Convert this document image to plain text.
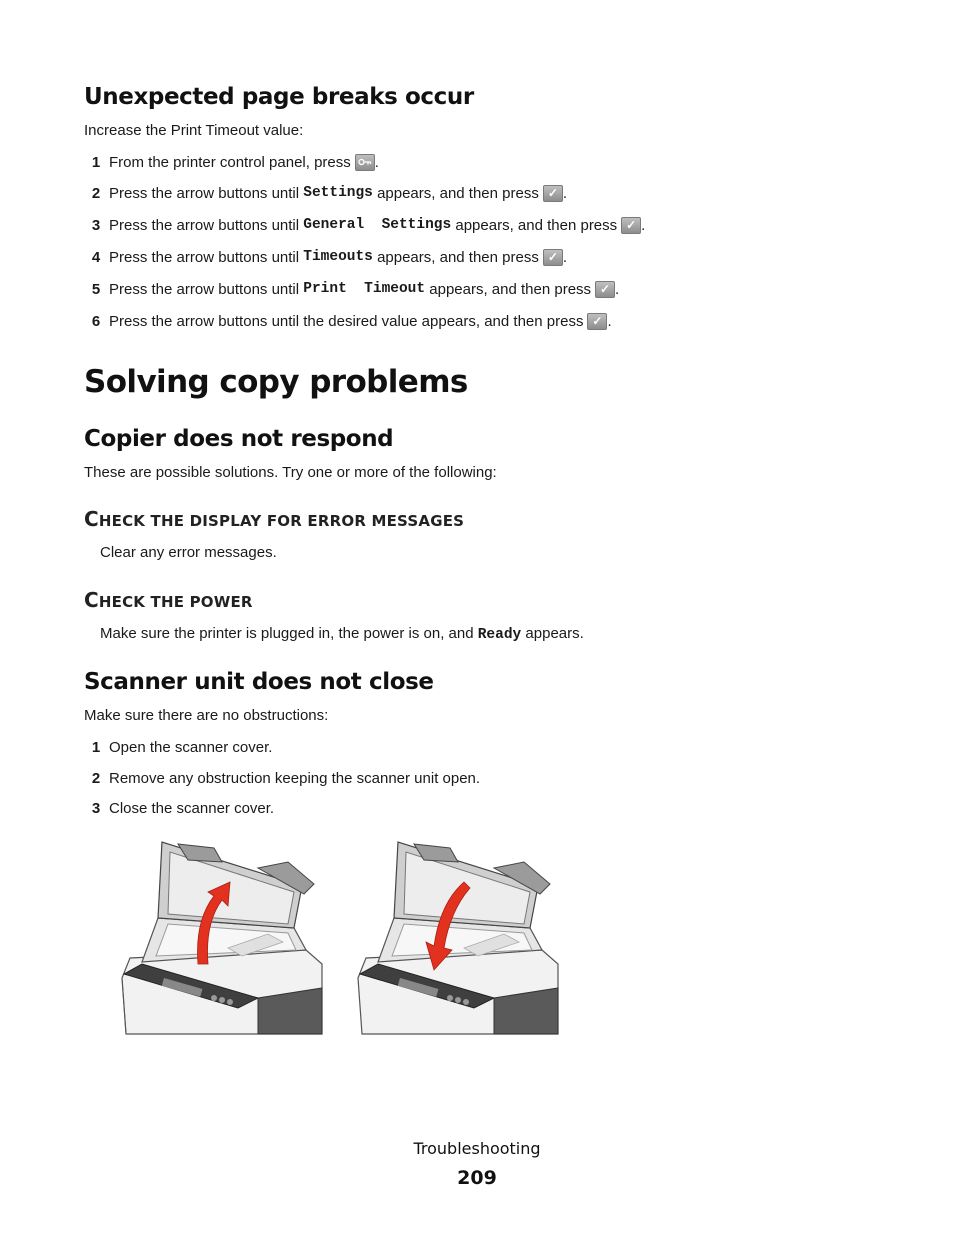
Unexpected page breaks occur

Increase the Print Timeout value:

1 From the printer control panel, press .
2 Press the arrow buttons until
Settings
appears, and then press ✓ .
3 Press the arrow buttons until
General  Settings
appears, and then press ✓ .
4 Press the arrow buttons until
Timeouts
appears, and then press ✓ .
5 Press the arrow buttons until
Print  Timeout
appears, and then press ✓ .
6 Press the arrow buttons until the desired value appears, and then press ✓ .
Solving copy problems
Copier does not respond

These are possible solutions. Try one or more of the following:

CHECK THE DISPLAY FOR ERROR MESSAGES

Clear any error messages.

CHECK THE POWER

Make sure the printer is plugged in, the power is on, and Ready appears.

Scanner unit does not close

Make sure there are no obstructions:

1 Open the scanner cover.
2 Remove any obstruction keeping the scanner unit open.
3 Close the scanner cover.
Troubleshooting
209
